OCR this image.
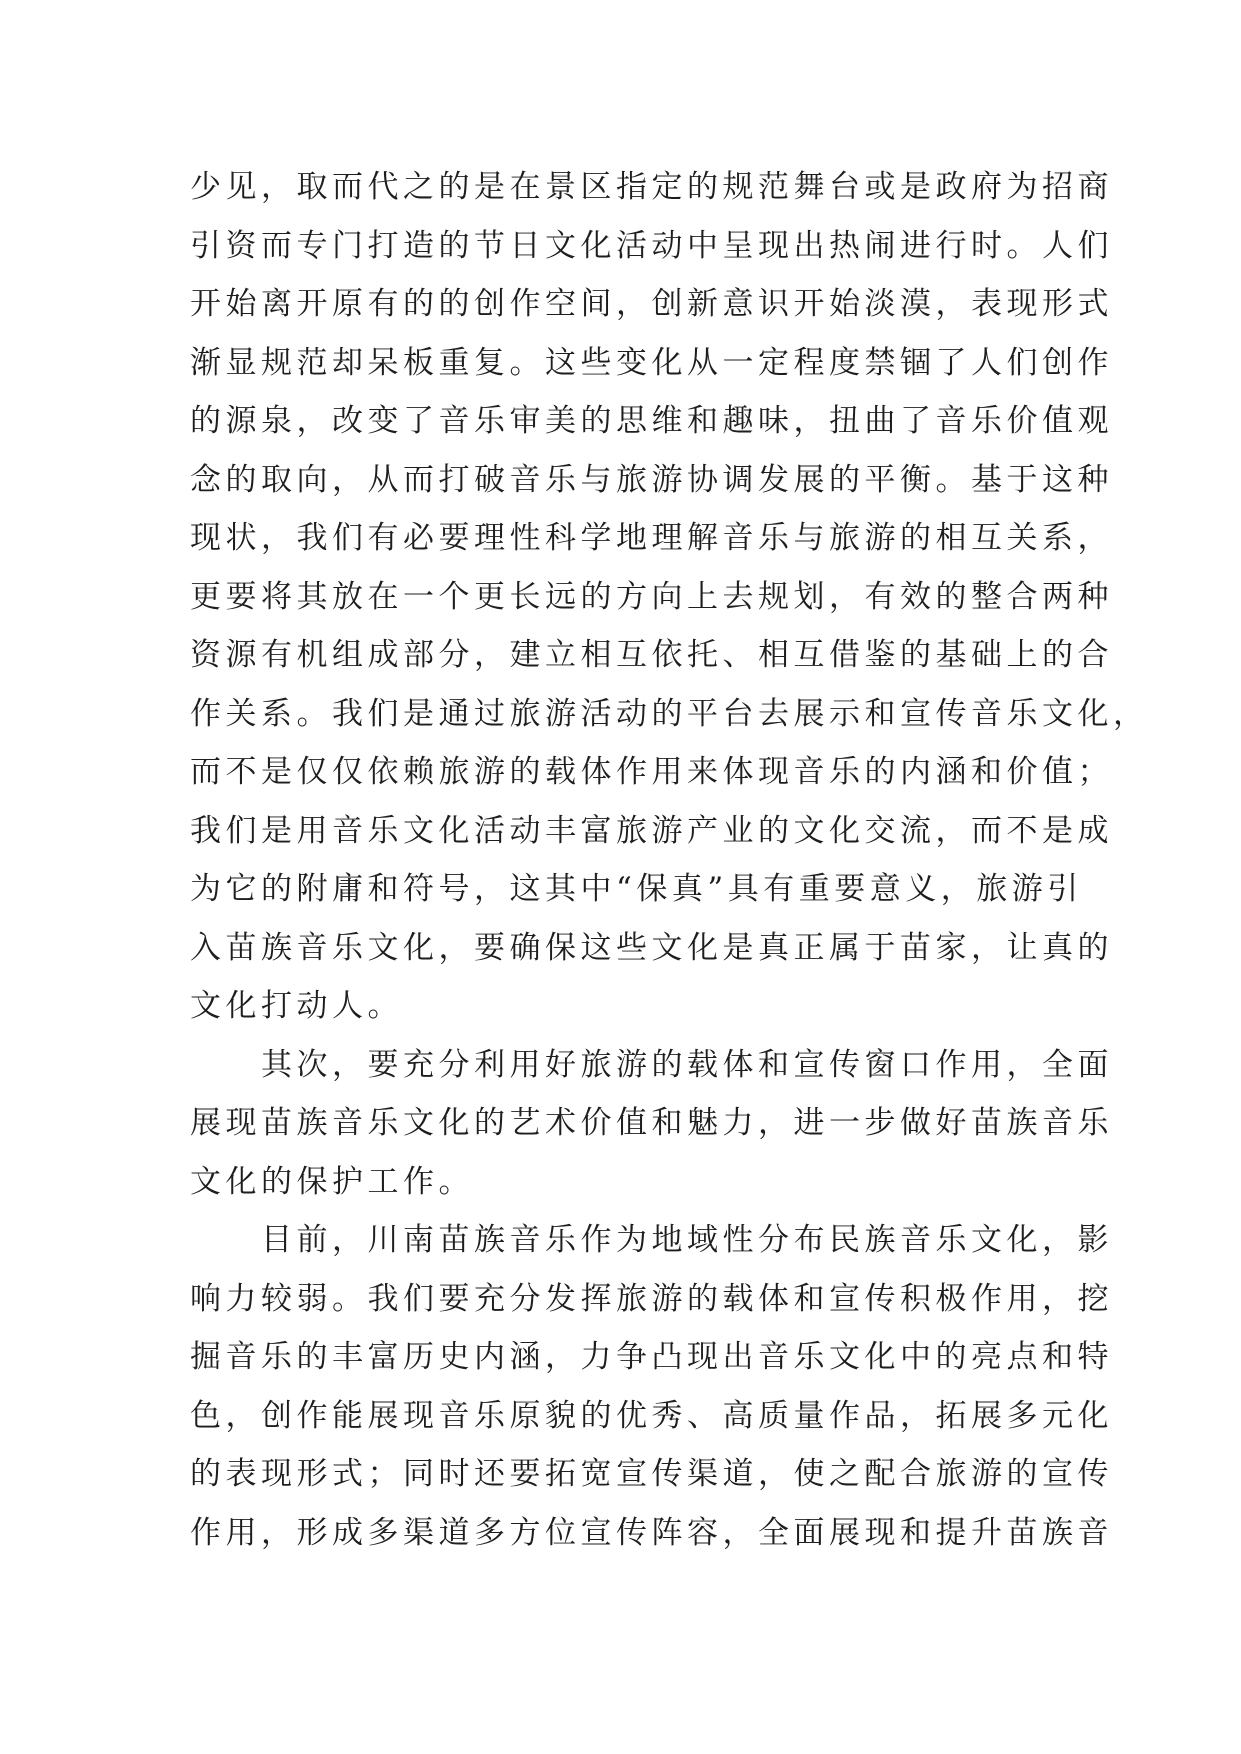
少见，取而代之的是在景区指定的规范舞台或是政府为招商
引资而专门打造的节日文化活动中呈现出热闹进行时。人们
开始离开原有的的创作空间，创新意识开始淡漠，表现形式
渐显规范却呆板重复。这些变化从一定程度禁锢了人们创作
的源泉，改变了音乐审美的思维和趣味，扭曲了音乐价值观
念的取向，从而打破音乐与旅游协调发展的平衡。基于这种
现状，我们有必要理性科学地理解音乐与旅游的相互关系，
更要将其放在一个更长远的方向上去规划，有效的整合两种
资源有机组成部分，建立相互依托、相互借鉴的基础上的合
作关系。我们是通过旅游活动的平台去展示和宣传音乐文化，
而不是仅仅依赖旅游的载体作用来体现音乐的内涵和价值；
我们是用音乐文化活动丰富旅游产业的文化交流，而不是成
为它的附庸和符号，这其中“保真”具有重要意义，旅游引
入苗族音乐文化，要确保这些文化是真正属于苗家，让真的
文化打动人。
　　其次，要充分利用好旅游的载体和宣传窗口作用，全面
展现苗族音乐文化的艺术价值和魅力，进一步做好苗族音乐
文化的保护工作。
　　目前，川南苗族音乐作为地域性分布民族音乐文化，影
响力较弱。我们要充分发挥旅游的载体和宣传积极作用，挖
掘音乐的丰富历史内涵，力争凸现出音乐文化中的亮点和特
色，创作能展现音乐原貌的优秀、高质量作品，拓展多元化
的表现形式；同时还要拓宽宣传渠道，使之配合旅游的宣传
作用，形成多渠道多方位宣传阵容，全面展现和提升苗族音
